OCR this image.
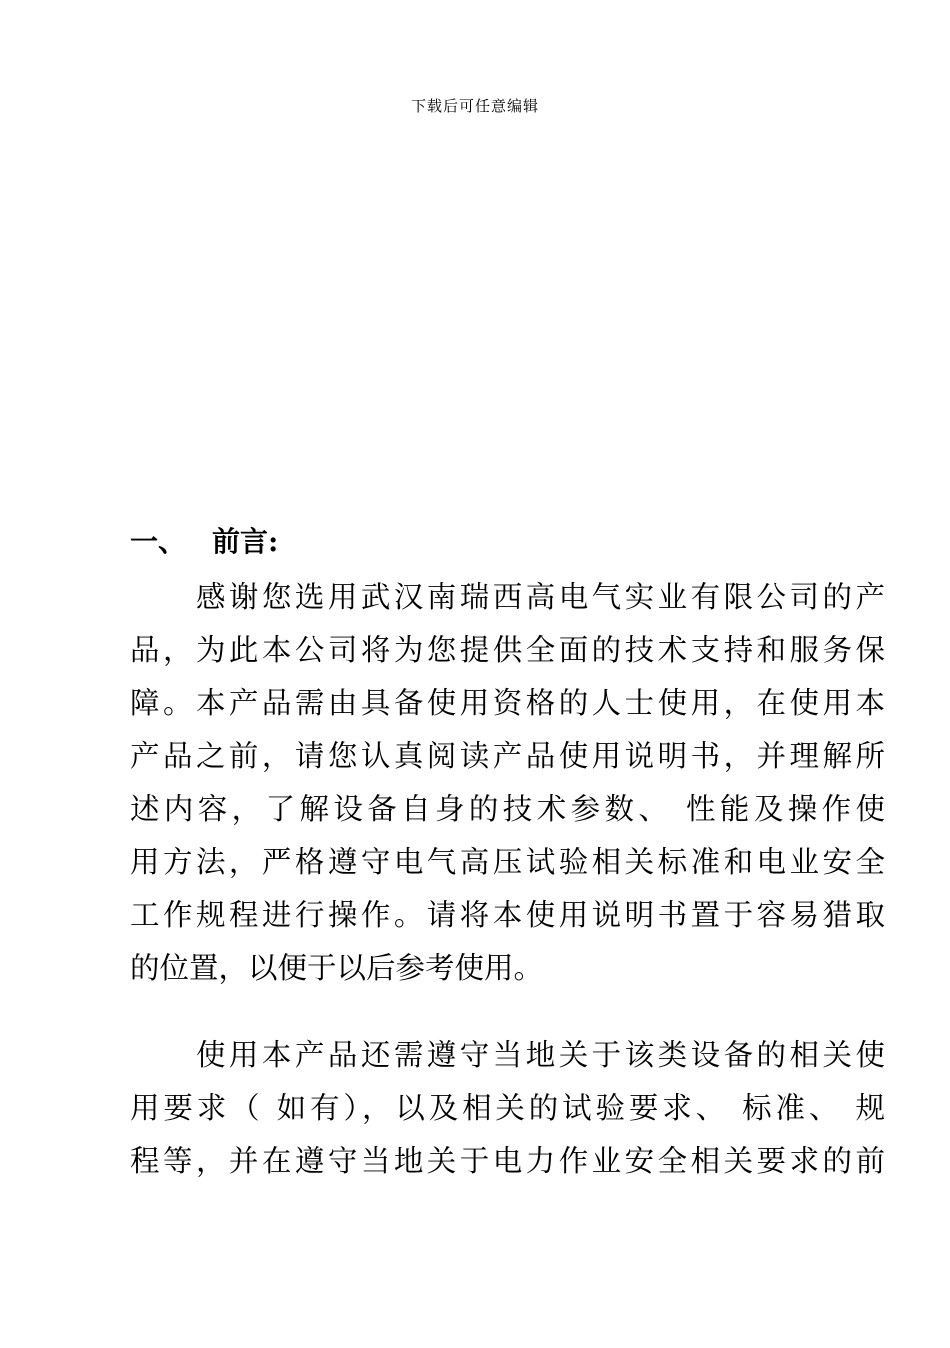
下载后可任意编辑
一、 前言:
　　感谢您选用武汉南瑞西高电气实业有限公司的产
品，为此本公司将为您提供全面的技术支持和服务保
障。本产品需由具备使用资格的人士使用，在使用本
产品之前，请您认真阅读产品使用说明书，并理解所
述内容，了解设备自身的技术参数、 性能及操作使
用方法，严格遵守电气高压试验相关标准和电业安全
工作规程进行操作。请将本使用说明书置于容易猎取
的位置，以便于以后参考使用。
　　使用本产品还需遵守当地关于该类设备的相关使
用要求（ 如有），以及相关的试验要求、 标准、 规
程等，并在遵守当地关于电力作业安全相关要求的前
